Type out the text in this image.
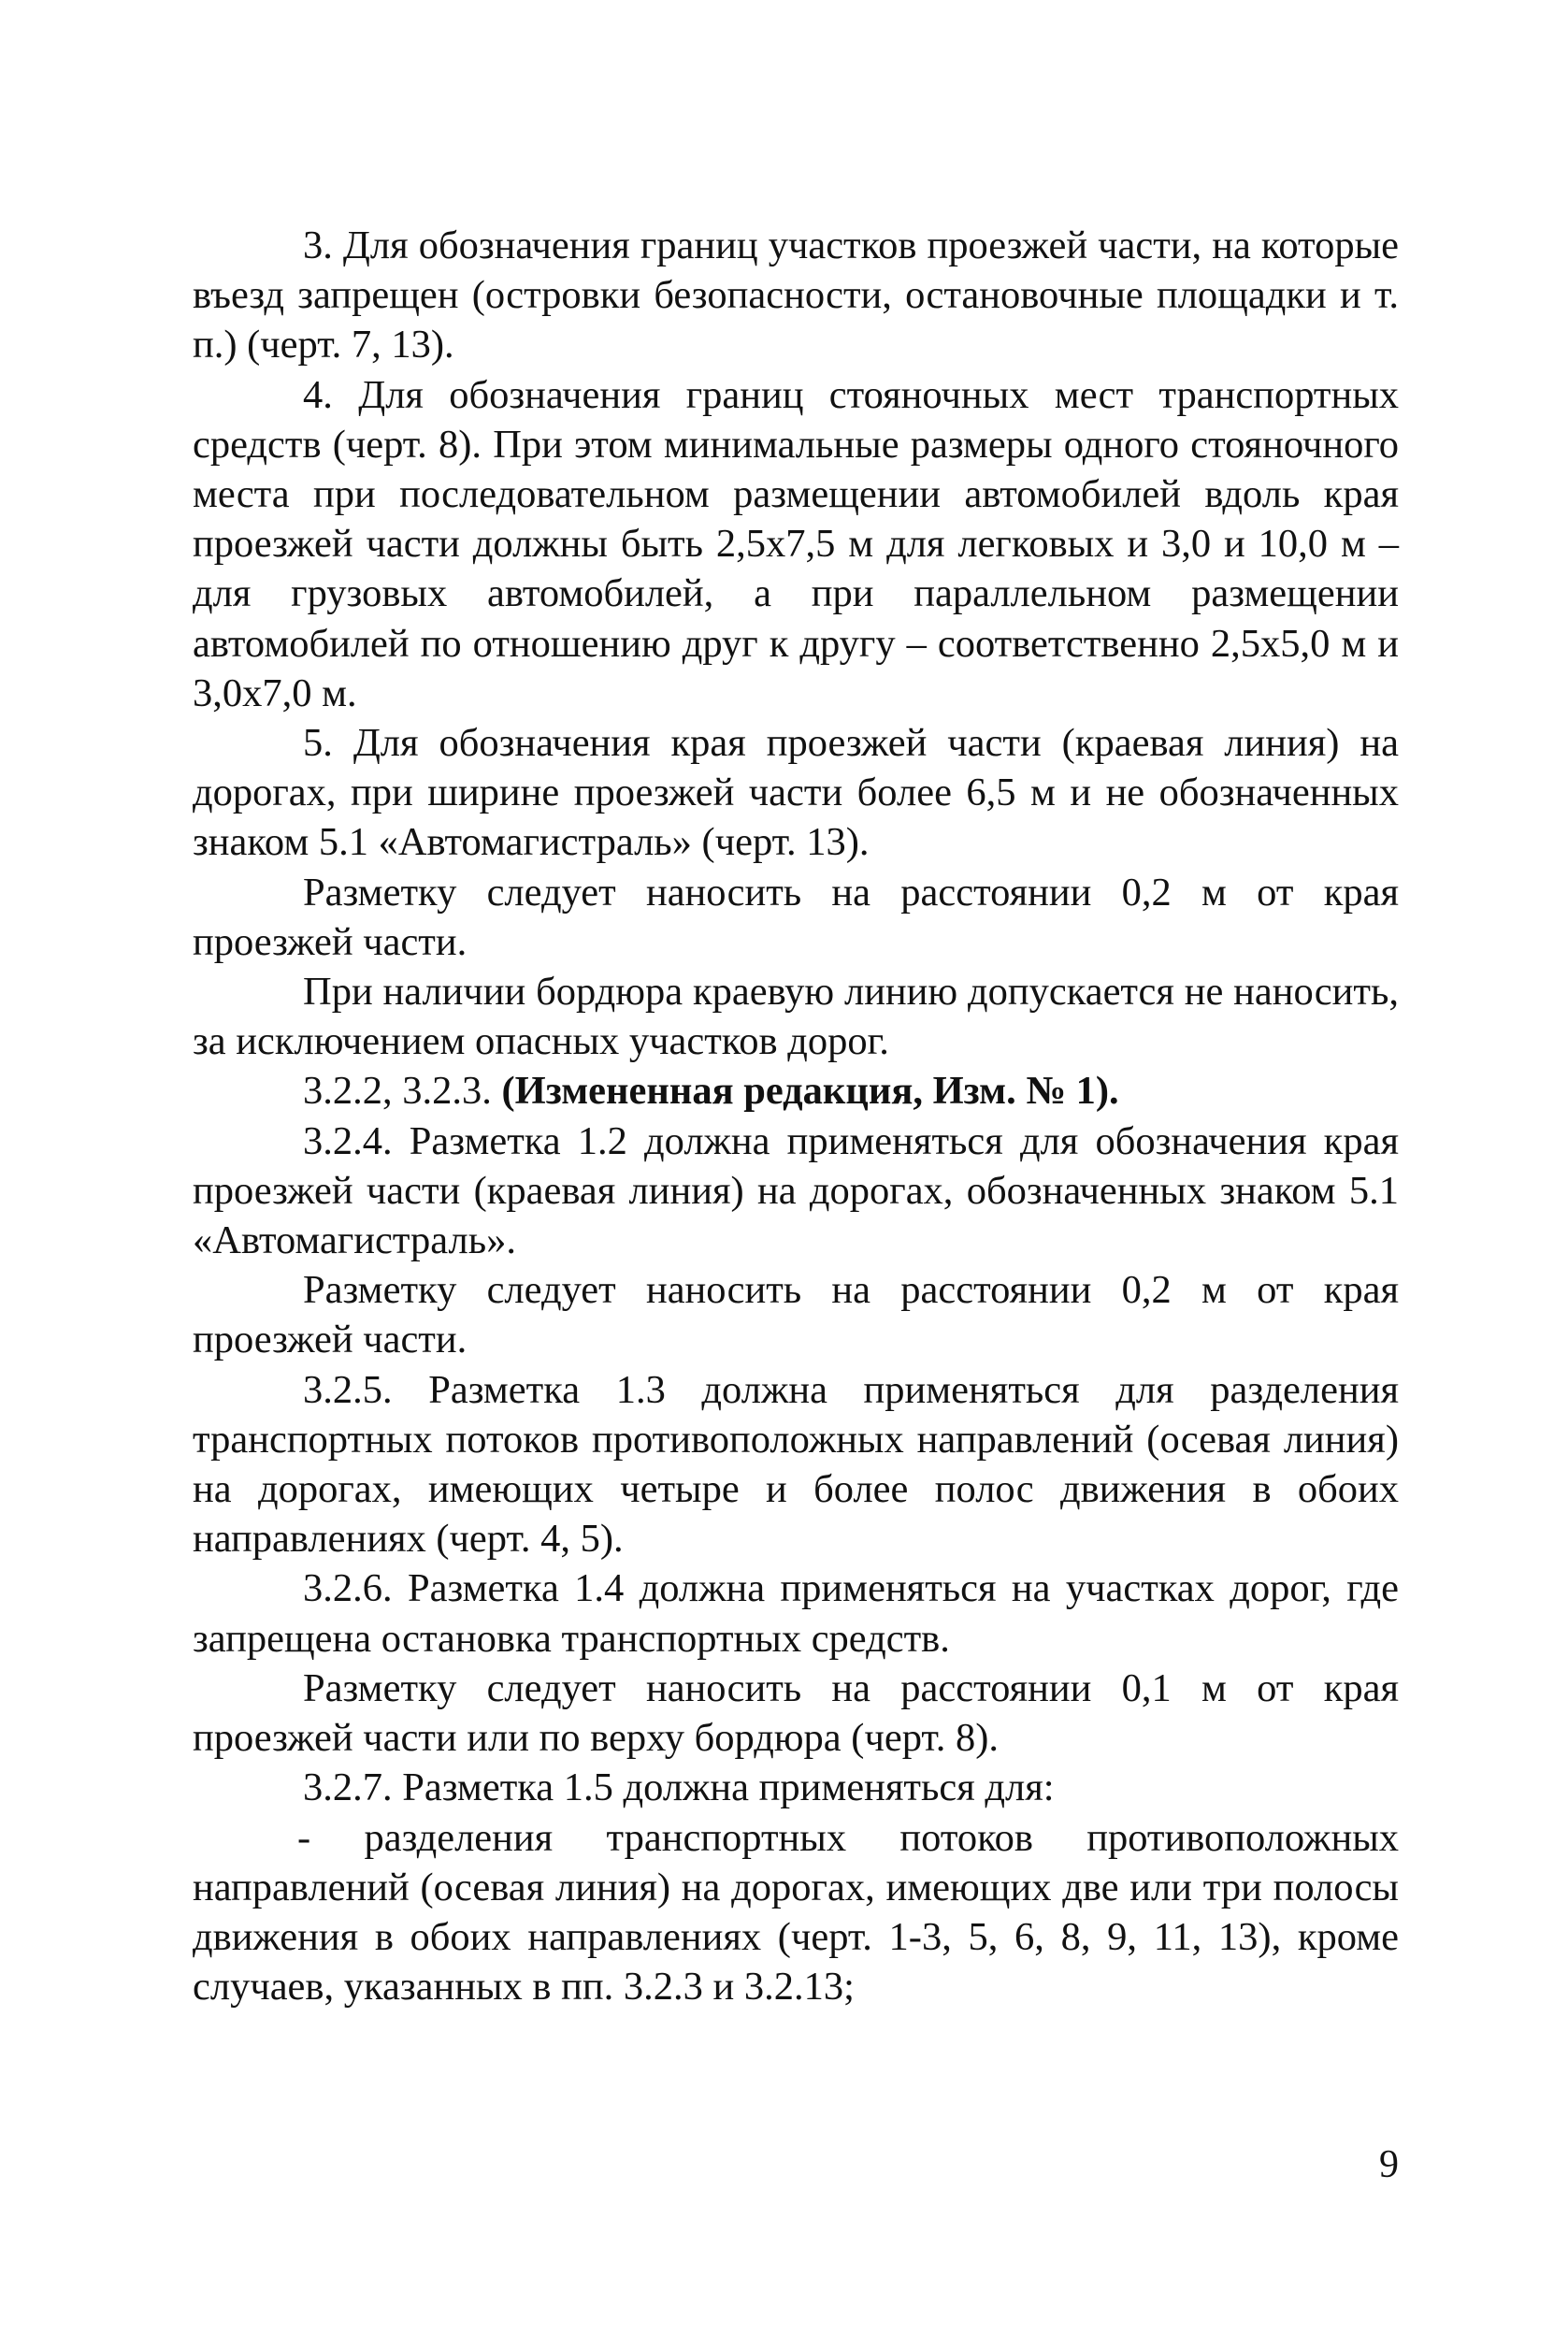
3. Для обозначения границ участков проезжей части, на которые въезд запрещен (островки безопасности, остановочные площадки и т. п.) (черт. 7, 13).

4. Для обозначения границ стояночных мест транспортных средств (черт. 8). При этом минимальные размеры одного стояночного места при последовательном размещении автомобилей вдоль края проезжей части должны быть 2,5x7,5 м для легковых и 3,0 и 10,0 м – для грузовых автомобилей, а при параллельном размещении автомобилей по отношению друг к другу – соответственно 2,5x5,0 м и 3,0x7,0 м.

5. Для обозначения края проезжей части (краевая линия) на дорогах, при ширине проезжей части более 6,5 м и не обозначенных знаком 5.1 «Автомагистраль» (черт. 13).

Разметку следует наносить на расстоянии 0,2 м от края проезжей части.

При наличии бордюра краевую линию допускается не наносить, за исключением опасных участков дорог.

3.2.2, 3.2.3. (Измененная редакция, Изм. № 1).

3.2.4. Разметка 1.2 должна применяться для обозначения края проезжей части (краевая линия) на дорогах, обозначенных знаком 5.1 «Автомагистраль».

Разметку следует наносить на расстоянии 0,2 м от края проезжей части.

3.2.5. Разметка 1.3 должна применяться для разделения транспортных потоков противоположных направлений (осевая линия) на дорогах, имеющих четыре и более полос движения в обоих направлениях (черт. 4, 5).

3.2.6. Разметка 1.4 должна применяться на участках дорог, где запрещена остановка транспортных средств.

Разметку следует наносить на расстоянии 0,1 м от края проезжей части или по верху бордюра (черт. 8).

3.2.7. Разметка 1.5 должна применяться для:

- разделения транспортных потоков противоположных направлений (осевая линия) на дорогах, имеющих две или три полосы движения в обоих направлениях (черт. 1-3, 5, 6, 8, 9, 11, 13), кроме случаев, указанных в пп. 3.2.3 и 3.2.13;

9
